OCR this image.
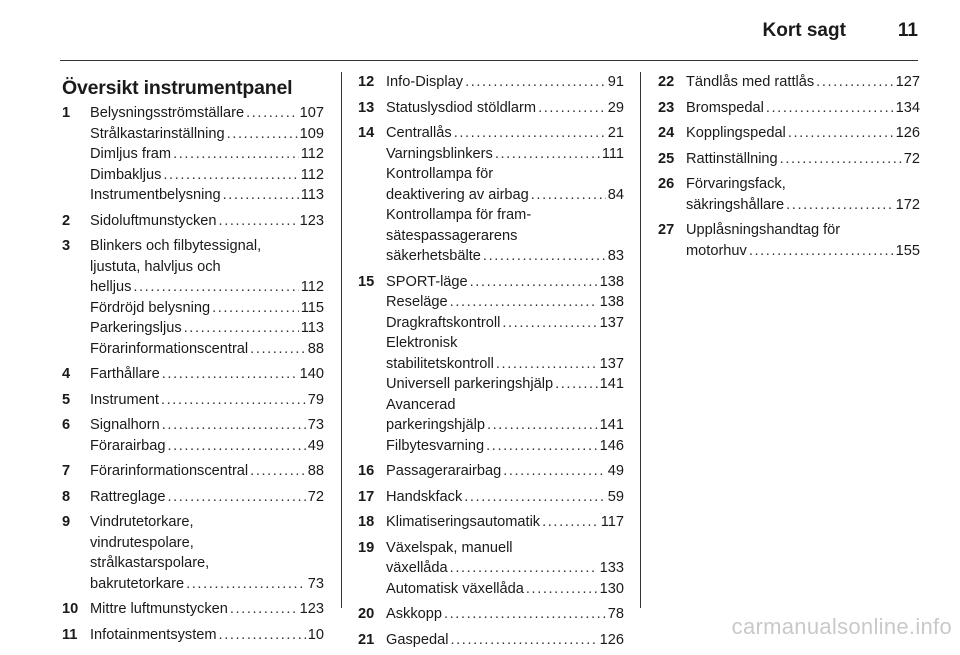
Kort sagt	11
Översikt instrumentpanel
1	Belysningsströmställare .....	107
Strålkastarinställning .....	109
Dimljus fram .....	112
Dimbakljus .....	112
Instrumentbelysning .....	113
2	Sidoluftmunstycken .....	123
3	Blinkers och filbytessignal,
ljustuta, halvljus och
helljus .....	112
Fördröjd belysning .....	115
Parkeringsljus .....	113
Förarinformationscentral .....	88
4	Farthållare .....	140
5	Instrument .....	79
6	Signalhorn .....	73
Förarairbag .....	49
7	Förarinformationscentral .....	88
8	Rattreglage .....	72
9	Vindrutetorkare,
vindrutespolare,
strålkastarspolare,
bakrutetorkare .....	73
10 Mittre luftmunstycken .....	123
11 Infotainmentsystem .....	10
12 Info-Display .....	91
13 Statuslysdiod stöldlarm .....	29
14 Centrallås .....	21
Varningsblinkers .....	111
Kontrollampa för
deaktivering av airbag .....	84
Kontrollampa för fram-
sätespassagerarens
säkerhetsbälte .....	83
15 SPORT-läge .....	138
Reseläge .....	138
Dragkraftskontroll .....	137
Elektronisk
stabilitetskontroll .....	137
Universell parkeringshjälp .....	141
Avancerad
parkeringshjälp .....	141
Filbytesvarning .....	146
16 Passagerarairbag .....	49
17 Handskfack .....	59
18 Klimatiseringsautomatik .....	117
19 Växelspak, manuell
växellåda .....	133
Automatisk växellåda .....	130
20 Askkopp .....	78
21 Gaspedal .....	126
22 Tändlås med rattlås .....	127
23 Bromspedal .....	134
24 Kopplingspedal .....	126
25 Rattinställning .....	72
26 Förvaringsfack,
säkringshållare .....	172
27 Upplåsningshandtag för
motorhuv .....	155
carmanualsonline.info
